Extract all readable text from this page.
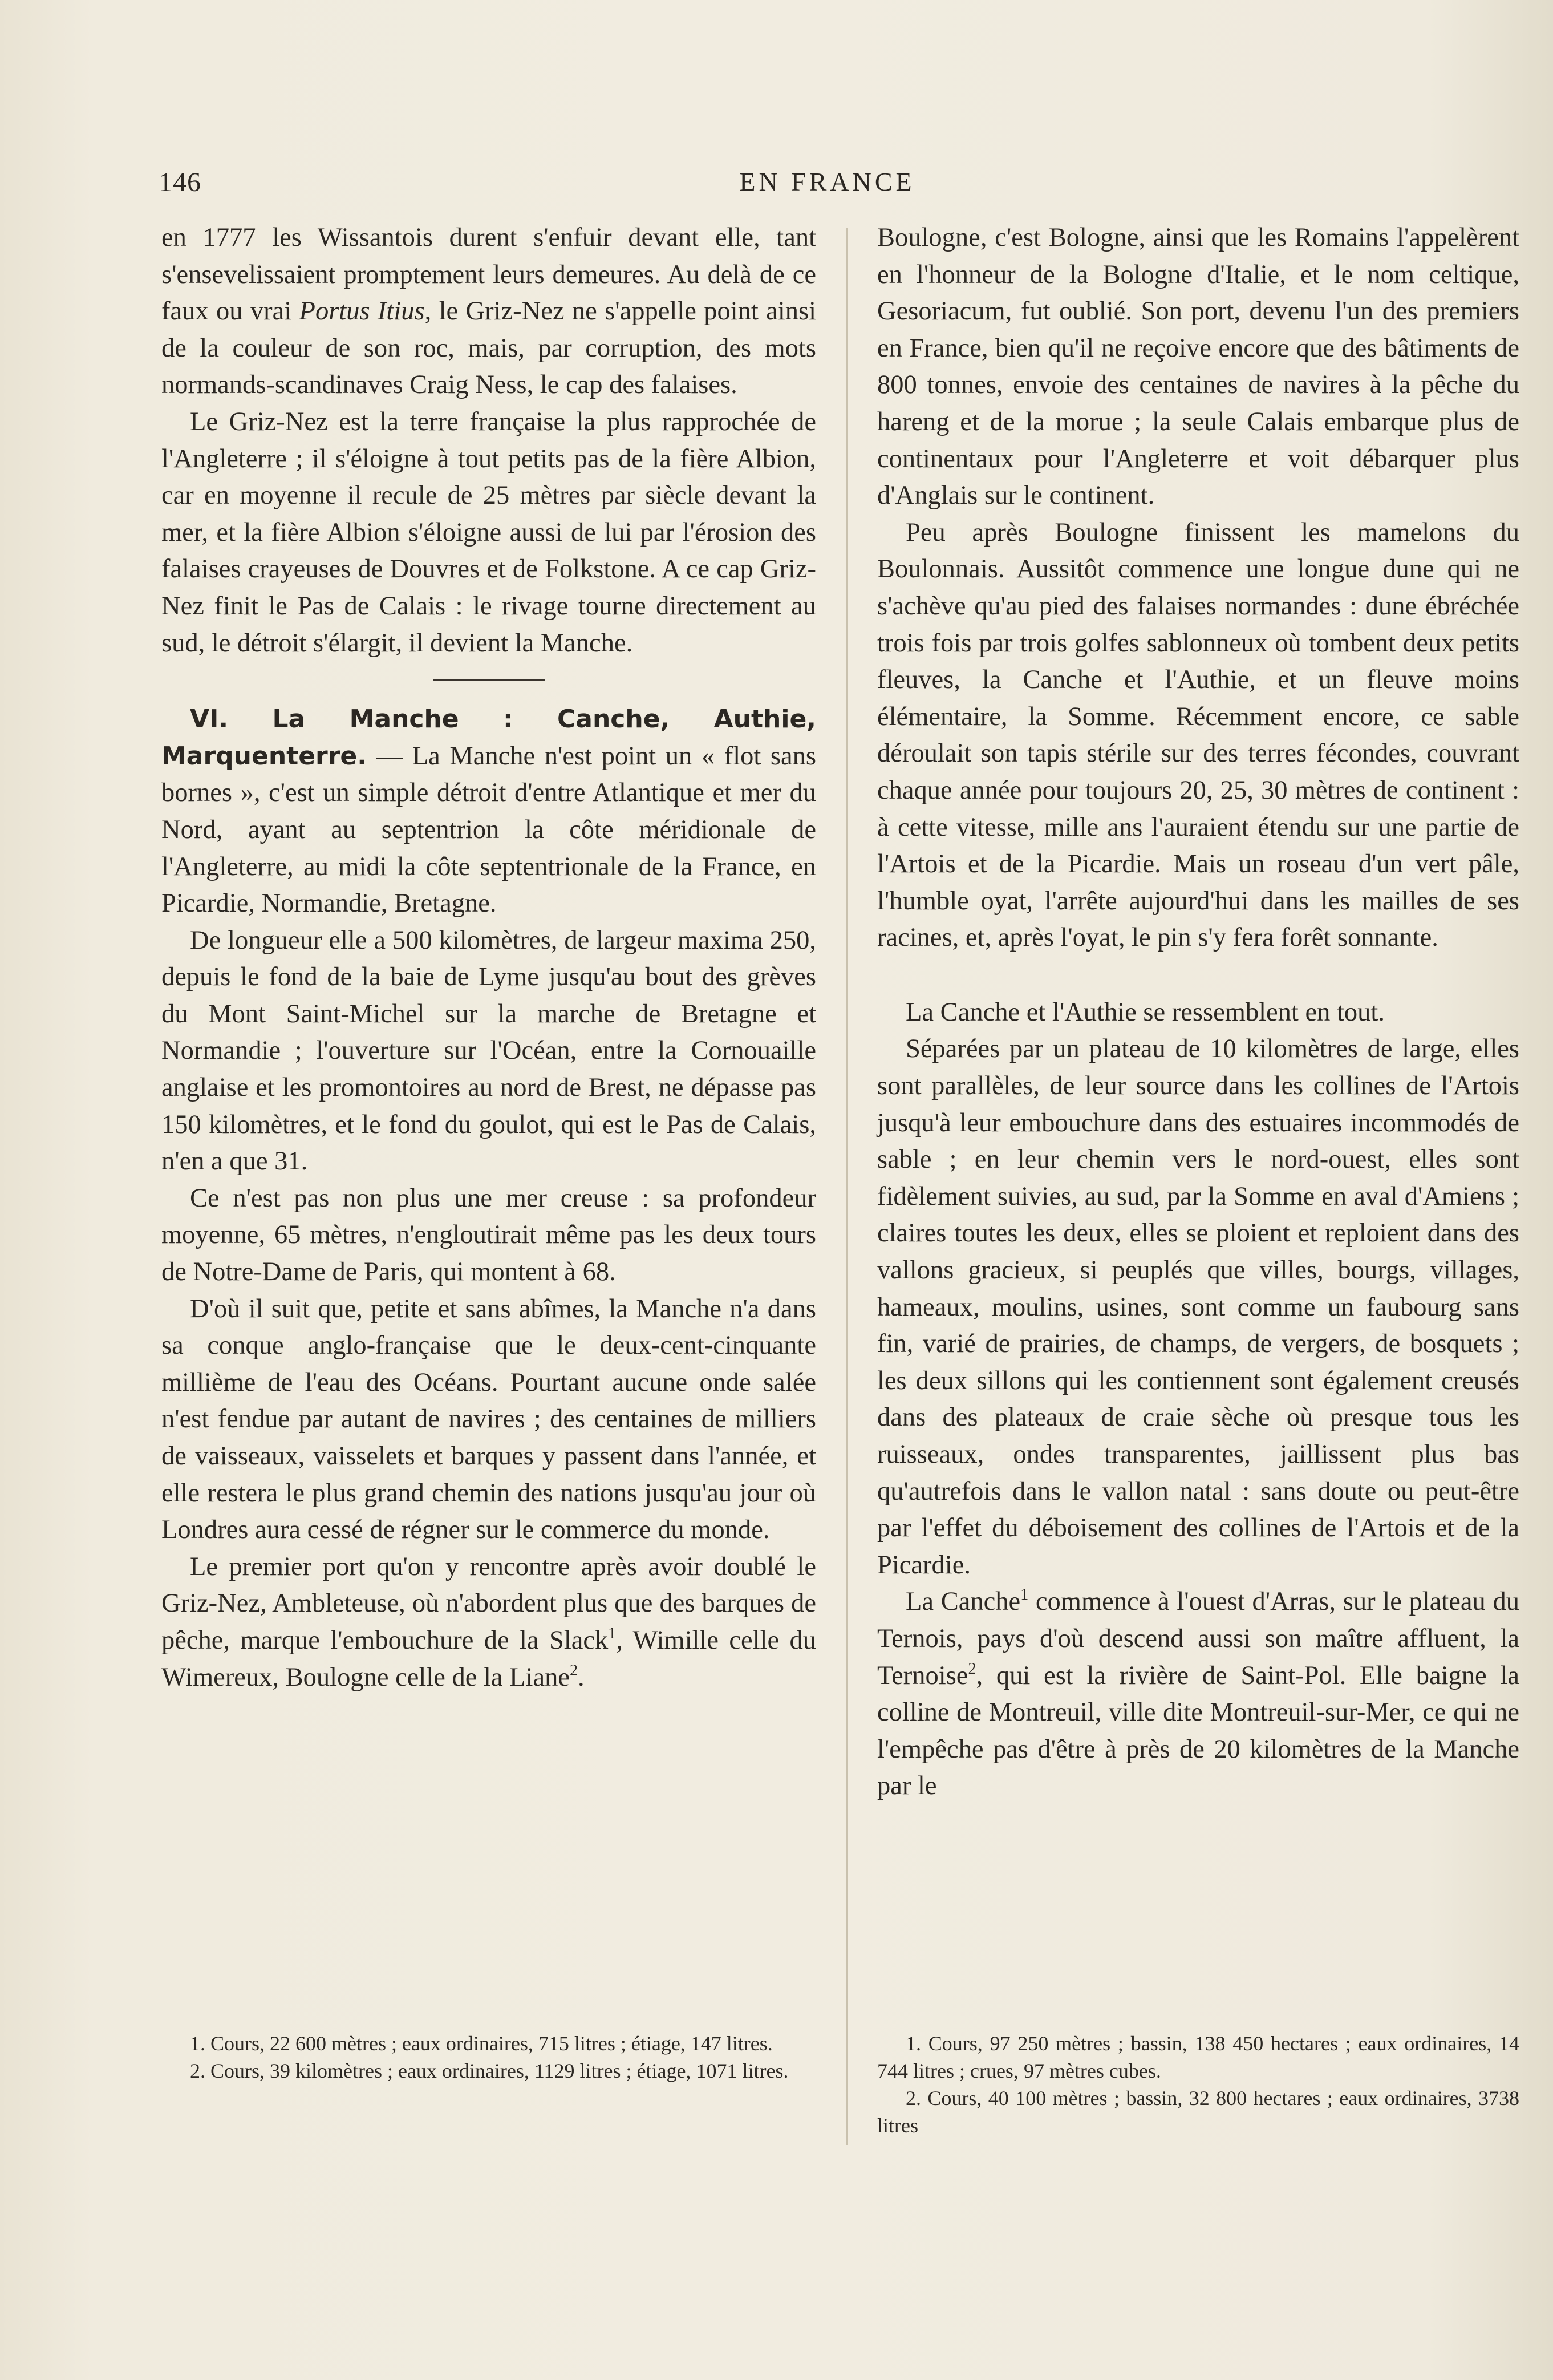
146	EN FRANCE

en 1777 les Wissantois durent s'enfuir devant elle, tant s'ensevelissaient promptement leurs demeures. Au delà de ce faux ou vrai Portus Itius, le Griz-Nez ne s'appelle point ainsi de la couleur de son roc, mais, par corruption, des mots normands-scandinaves Craig Ness, le cap des falaises.

Le Griz-Nez est la terre française la plus rapprochée de l'Angleterre ; il s'éloigne à tout petits pas de la fière Albion, car en moyenne il recule de 25 mètres par siècle devant la mer, et la fière Albion s'éloigne aussi de lui par l'érosion des falaises crayeuses de Douvres et de Folkstone. A ce cap Griz-Nez finit le Pas de Calais : le rivage tourne directement au sud, le détroit s'élargit, il devient la Manche.

VI. La Manche : Canche, Authie, Marquenterre. — La Manche n'est point un « flot sans bornes », c'est un simple détroit d'entre Atlantique et mer du Nord, ayant au septentrion la côte méridionale de l'Angleterre, au midi la côte septentrionale de la France, en Picardie, Normandie, Bretagne.

De longueur elle a 500 kilomètres, de largeur maxima 250, depuis le fond de la baie de Lyme jusqu'au bout des grèves du Mont Saint-Michel sur la marche de Bretagne et Normandie ; l'ouverture sur l'Océan, entre la Cornouaille anglaise et les promontoires au nord de Brest, ne dépasse pas 150 kilomètres, et le fond du goulot, qui est le Pas de Calais, n'en a que 31.

Ce n'est pas non plus une mer creuse : sa profondeur moyenne, 65 mètres, n'engloutirait même pas les deux tours de Notre-Dame de Paris, qui montent à 68.

D'où il suit que, petite et sans abîmes, la Manche n'a dans sa conque anglo-française que le deux-cent-cinquante millième de l'eau des Océans. Pourtant aucune onde salée n'est fendue par autant de navires ; des centaines de milliers de vaisseaux, vaisselets et barques y passent dans l'année, et elle restera le plus grand chemin des nations jusqu'au jour où Londres aura cessé de régner sur le commerce du monde.

Le premier port qu'on y rencontre après avoir doublé le Griz-Nez, Ambleteuse, où n'abordent plus que des barques de pêche, marque l'embouchure de la Slack$^1$, Wimille celle du Wimereux, Boulogne celle de la Liane$^2$.

Boulogne, c'est Bologne, ainsi que les Romains l'appelèrent en l'honneur de la Bologne d'Italie, et le nom celtique, Gesoriacum, fut oublié. Son port, devenu l'un des premiers en France, bien qu'il ne reçoive encore que des bâtiments de 800 tonnes, envoie des centaines de navires à la pêche du hareng et de la morue ; la seule Calais embarque plus de continentaux pour l'Angleterre et voit débarquer plus d'Anglais sur le continent.

Peu après Boulogne finissent les mamelons du Boulonnais. Aussitôt commence une longue dune qui ne s'achève qu'au pied des falaises normandes : dune ébréchée trois fois par trois golfes sablonneux où tombent deux petits fleuves, la Canche et l'Authie, et un fleuve moins élémentaire, la Somme. Récemment encore, ce sable déroulait son tapis stérile sur des terres fécondes, couvrant chaque année pour toujours 20, 25, 30 mètres de continent : à cette vitesse, mille ans l'auraient étendu sur une partie de l'Artois et de la Picardie. Mais un roseau d'un vert pâle, l'humble oyat, l'arrête aujourd'hui dans les mailles de ses racines, et, après l'oyat, le pin s'y fera forêt sonnante.

La Canche et l'Authie se ressemblent en tout.

Séparées par un plateau de 10 kilomètres de large, elles sont parallèles, de leur source dans les collines de l'Artois jusqu'à leur embouchure dans des estuaires incommodés de sable ; en leur chemin vers le nord-ouest, elles sont fidèlement suivies, au sud, par la Somme en aval d'Amiens ; claires toutes les deux, elles se ploient et reploient dans des vallons gracieux, si peuplés que villes, bourgs, villages, hameaux, moulins, usines, sont comme un faubourg sans fin, varié de prairies, de champs, de vergers, de bosquets ; les deux sillons qui les contiennent sont également creusés dans des plateaux de craie sèche où presque tous les ruisseaux, ondes transparentes, jaillissent plus bas qu'autrefois dans le vallon natal : sans doute ou peut-être par l'effet du déboisement des collines de l'Artois et de la Picardie.

La Canche$^1$ commence à l'ouest d'Arras, sur le plateau du Ternois, pays d'où descend aussi son maître affluent, la Ternoise$^2$, qui est la rivière de Saint-Pol. Elle baigne la colline de Montreuil, ville dite Montreuil-sur-Mer, ce qui ne l'empêche pas d'être à près de 20 kilomètres de la Manche par le

1. Cours, 22 600 mètres ; eaux ordinaires, 715 litres ; étiage, 147 litres.

2. Cours, 39 kilomètres ; eaux ordinaires, 1129 litres ; étiage, 1071 litres.

1. Cours, 97 250 mètres ; bassin, 138 450 hectares ; eaux ordinaires, 14 744 litres ; crues, 97 mètres cubes.

2. Cours, 40 100 mètres ; bassin, 32 800 hectares ; eaux ordinaires, 3738 litres
